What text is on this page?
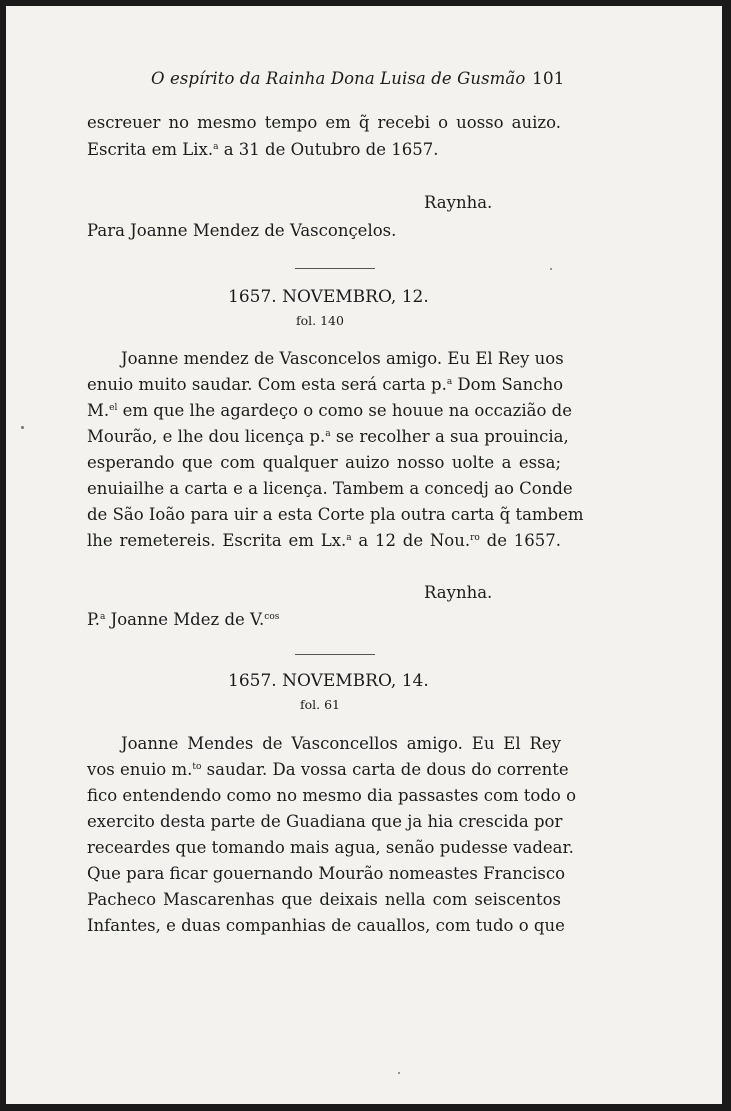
O espírito da Rainha Dona Luisa de Gusmão 101
escreuer no mesmo tempo em q̃ recebi o uosso auizo.
Escrita em Lix.$^a$ a 31 de Outubro de 1657.
Raynha.
Para Joanne Mendez de Vasconçelos.
1657. NOVEMBRO, 12.
fol. 140
Joanne mendez de Vasconcelos amigo. Eu El Rey uos
enuio muito saudar. Com esta será carta p.$^a$ Dom Sancho
M.$^{el}$ em que lhe agardeço o como se houue na occazião de
Mourão, e lhe dou licença p.$^a$ se recolher a sua prouincia,
esperando que com qualquer auizo nosso uolte a essa;
enuiailhe a carta e a licença. Tambem a concedj ao Conde
de São Ioão para uir a esta Corte pla outra carta q̃ tambem
lhe remetereis. Escrita em Lx.$^a$ a 12 de Nou.$^{ro}$ de 1657.
Raynha.
P.$^a$ Joanne Mdez de V.$^{cos}$
1657. NOVEMBRO, 14.
fol. 61
Joanne Mendes de Vasconcellos amigo. Eu El Rey
vos enuio m.$^{to}$ saudar. Da vossa carta de dous do corrente
fico entendendo como no mesmo dia passastes com todo o
exercito desta parte de Guadiana que ja hia crescida por
receardes que tomando mais agua, senão pudesse vadear.
Que para ficar gouernando Mourão nomeastes Francisco
Pacheco Mascarenhas que deixais nella com seiscentos
Infantes, e duas companhias de cauallos, com tudo o que
